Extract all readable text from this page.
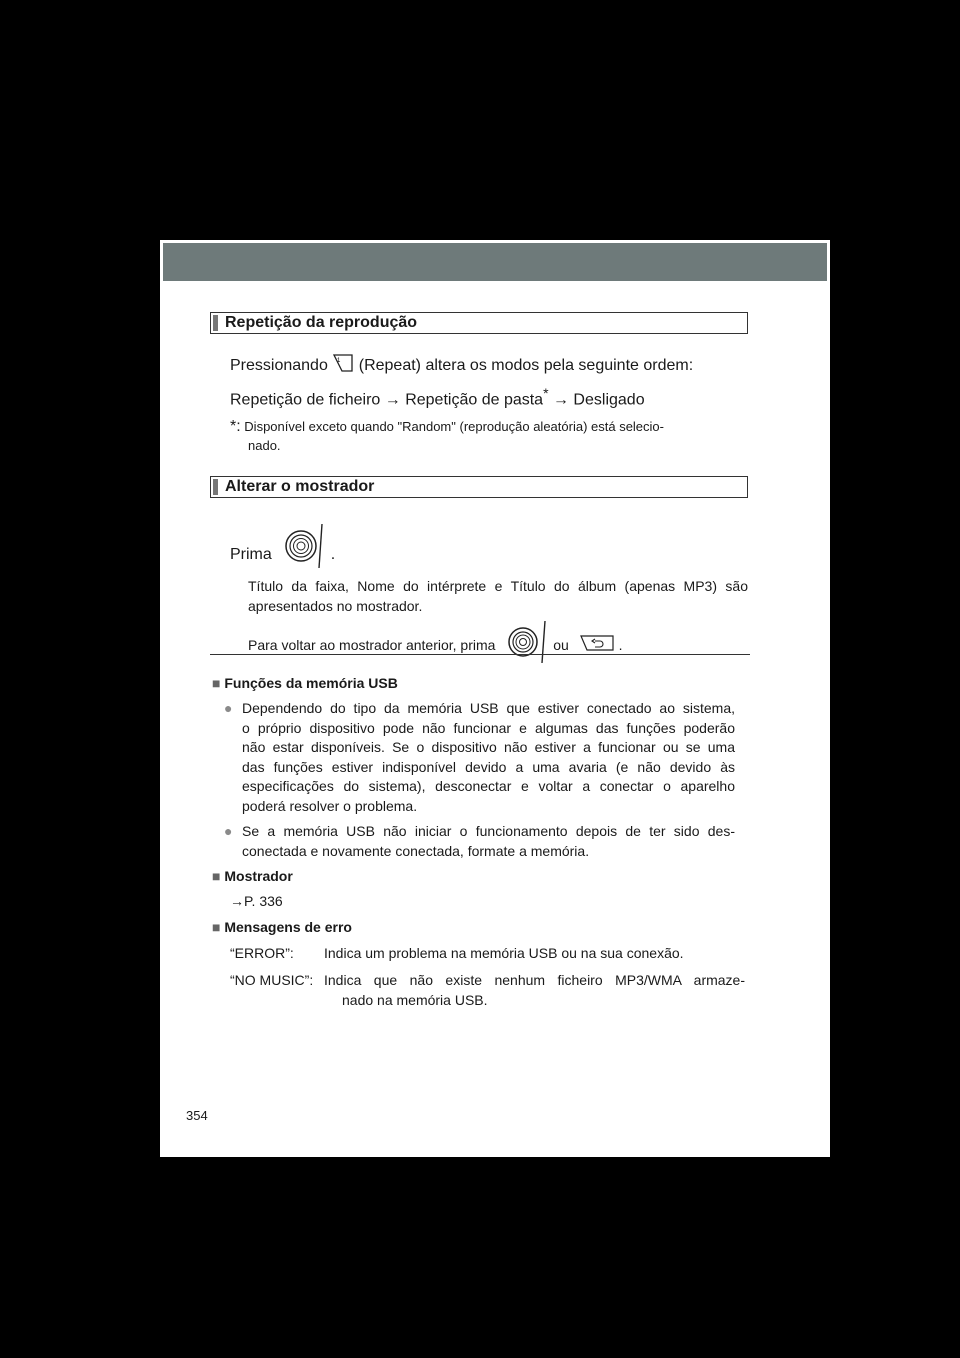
Repetição da reprodução
Pressionando 1 (Repeat) altera os modos pela seguinte ordem:
Repetição de ficheiro → Repetição de pasta* → Desligado
*: Disponível exceto quando "Random" (reprodução aleatória) está selecio-
nado.
Alterar o mostrador
Prima	.
Título da faixa, Nome do intérprete e Título do álbum (apenas MP3) são
apresentados no mostrador.
Para voltar ao mostrador anterior, prima	ou	.
■ Funções da memória USB
● Dependendo do tipo da memória USB que estiver conectado ao sistema,
o próprio dispositivo pode não funcionar e algumas das funções poderão
não estar disponíveis. Se o dispositivo não estiver a funcionar ou se uma
das funções estiver indisponível devido a uma avaria (e não devido às
especificações do sistema), desconectar e voltar a conectar o aparelho
poderá resolver o problema.
● Se a memória USB não iniciar o funcionamento depois de ter sido des-
conectada e novamente conectada, formate a memória.
■ Mostrador
→P. 336
■ Mensagens de erro
“ERROR”: Indica um problema na memória USB ou na sua conexão.
“NO MUSIC”: Indica que não existe nenhum ficheiro MP3/WMA armaze-
nado na memória USB.
354
